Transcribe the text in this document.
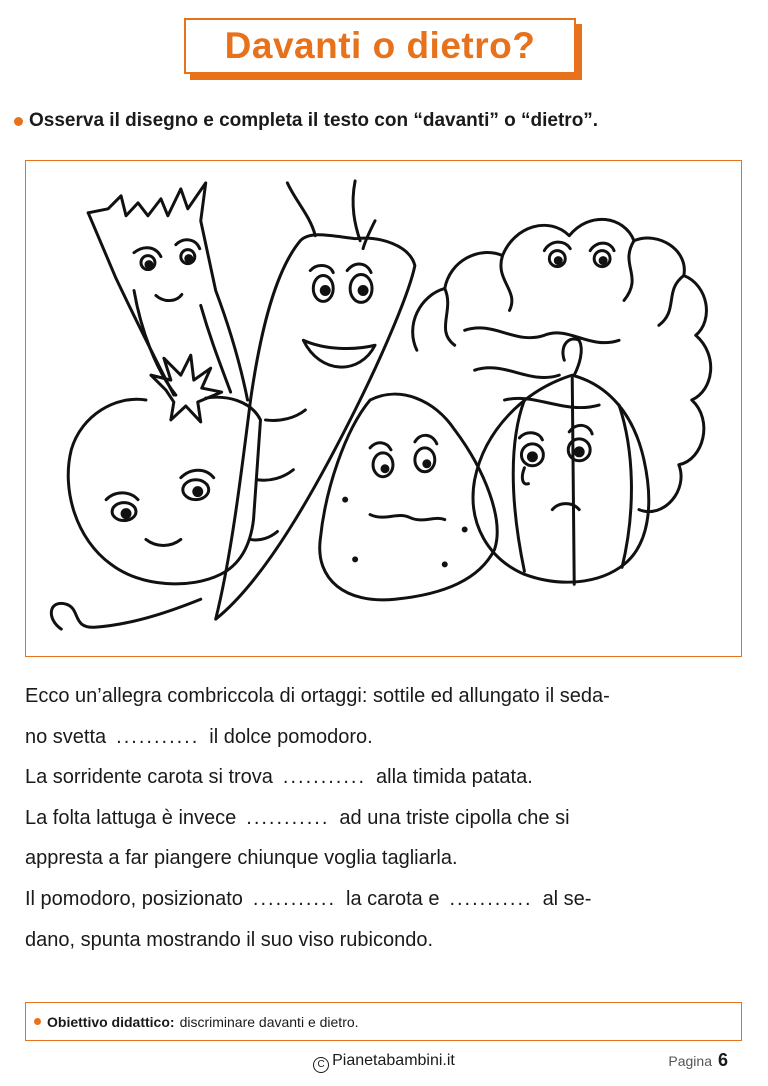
Davanti o dietro?
Osserva il disegno e completa il testo con “davanti” o “dietro”.
Ecco un’allegra combriccola di ortaggi: sottile ed allungato il seda-
no svetta ........... il dolce pomodoro.
La sorridente carota si trova ........... alla timida patata.
La folta lattuga è invece ........... ad una triste cipolla che si
appresta a far piangere chiunque voglia tagliarla.
Il pomodoro, posizionato ........... la carota e ........... al se-
dano, spunta mostrando il suo viso rubicondo.
Obiettivo didattico: discriminare davanti e dietro.
C Pianetabambini.it	Pagina 6
